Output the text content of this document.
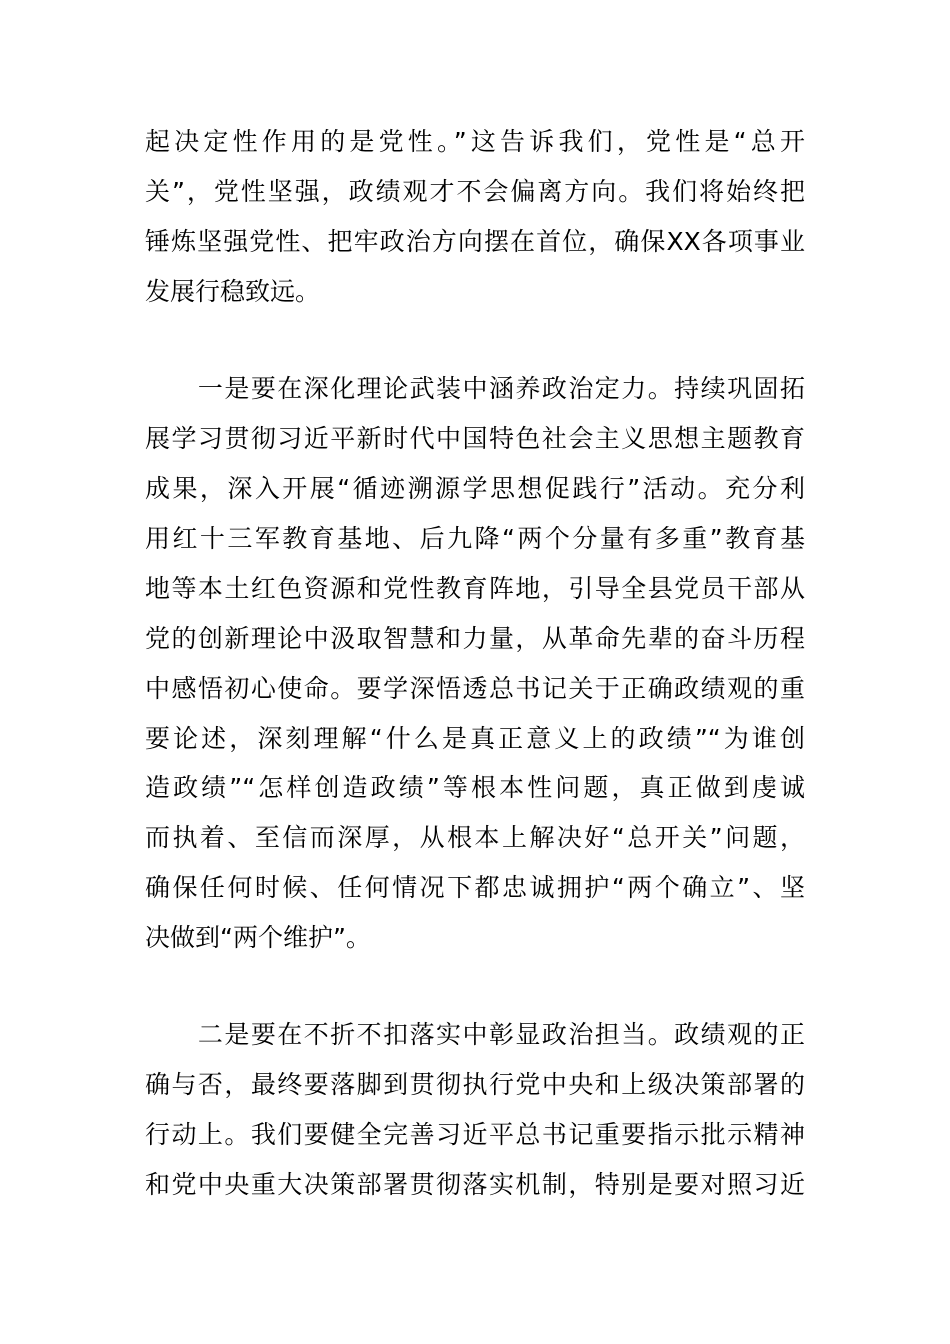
起决定性作用的是党性。”这告诉我们，党性是“总开
关”，党性坚强，政绩观才不会偏离方向。我们将始终把
锤炼坚强党性、把牢政治方向摆在首位，确保XX各项事业
发展行稳致远。
　　一是要在深化理论武装中涵养政治定力。持续巩固拓
展学习贯彻习近平新时代中国特色社会主义思想主题教育
成果，深入开展“循迹溯源学思想促践行”活动。充分利
用红十三军教育基地、后九降“两个分量有多重”教育基
地等本土红色资源和党性教育阵地，引导全县党员干部从
党的创新理论中汲取智慧和力量，从革命先辈的奋斗历程
中感悟初心使命。要学深悟透总书记关于正确政绩观的重
要论述，深刻理解“什么是真正意义上的政绩”“为谁创
造政绩”“怎样创造政绩”等根本性问题，真正做到虔诚
而执着、至信而深厚，从根本上解决好“总开关”问题，
确保任何时候、任何情况下都忠诚拥护“两个确立”、坚
决做到“两个维护”。
　　二是要在不折不扣落实中彰显政治担当。政绩观的正
确与否，最终要落脚到贯彻执行党中央和上级决策部署的
行动上。我们要健全完善习近平总书记重要指示批示精神
和党中央重大决策部署贯彻落实机制，特别是要对照习近
